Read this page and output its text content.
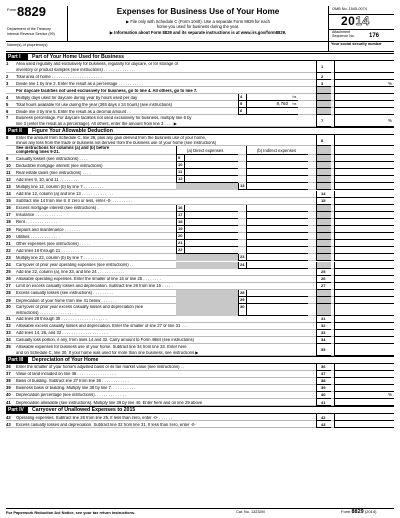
Form 8829
Department of the Treasury
Internal Revenue Service (99)
Expenses for Business Use of Your Home
▶ File only with Schedule C (Form 1040). Use a separate Form 8829 for each
home you used for business during the year.
▶ Information about Form 8829 and its separate instructions is at www.irs.gov/form8829.
OMB No. 1545-0074
2014
Attachment
Sequence No. 176
Name(s) of proprietor(s)	Your social security number
Part I	Part of Your Home Used for Business
1	Area used regularly and exclusively for business, regularly for daycare, or for storage of
inventory or product samples (see instructions) . . . . . . . . . . . . . .
1
2	Total area of home . . . . . . . . . . . . . . . . . . . . . .	2
3	Divide line 1 by line 2. Enter the result as a percentage . . . . . . . . . . .	3	%
For daycare facilities not used exclusively for business, go to line 4. All others, go to line 7.
4	Multiply days used for daycare during year by hours used per day	4	hr.
5	Total hours available for use during the year (365 days x 24 hours) (see instructions)	5	8,760 hr.
6	Divide line 4 by line 5. Enter the result as a decimal amount . .	6	.
7	Business percentage. For daycare facilities not used exclusively for business, multiply line 6 by
line 3 (enter the result as a percentage). All others, enter the amount from line 3 . . . . ▶
7	%
Part II	Figure Your Allowable Deduction
8	Enter the amount from Schedule C, line 29, plus any gain derived from the business use of your home,
minus any loss from the trade or business not derived from the business use of your home (see instructions)	8
See instructions for columns (a) and (b) before
completing lines 9-21.	(a) Direct expenses	(b) Indirect expenses
9	Casualty losses (see instructions) . . . .	9
10	Deductible mortgage interest (see instructions)	10
11	Real estate taxes (see instructions) . . . .	11
12	Add lines 9, 10, and 11 . . . . . . . .	12
13	Multiply line 12, column (b) by line 7 . . . . . . . . .	13
14	Add line 12, column (a) and line 13 . . . . . . . . . . . . . .	14
15	Subtract line 14 from line 8. If zero or less, enter -0- . . . . . . . . .	15
16	Excess mortgage interest (see instructions) .	16
17	Insurance . . . . . . . . . . . .	17
18	Rent . . . . . . . . . . . . . .	18
19	Repairs and maintenance . . . . . . .	19
20	Utilities . . . . . . . . . . . . .	20
21	Other expenses (see instructions) . . . . .	21
22	Add lines 16 through 21 . . . . . . . .	22
23	Multiply line 22, column (b) by line 7 . . . . . . . . .	23
24	Carryover of prior year operating expenses (see instructions) . .	24
25	Add line 22, column (a), line 23, and line 24 . . . . . . . . . . . .	25
26	Allowable operating expenses. Enter the smaller of line 15 or line 25 . . . . . . . .	26
27	Limit on excess casualty losses and depreciation. Subtract line 26 from line 15 . . . . .	27
28	Excess casualty losses (see instructions) . . . . . . . . .	28
29	Depreciation of your home from line 41 below . . . . . . .	29
30	Carryover of prior year excess casualty losses and depreciation (see
instructions) . . . . . . . . . . . . . . . .
30
31	Add lines 28 through 30 . . . . . . . . . . . . . . . . . . . .	31
32	Allowable excess casualty losses and depreciation. Enter the smaller of line 27 or line 31 . . .	32
33	Add lines 14, 26, and 32 . . . . . . . . . . . . . . . . . . . .	33
34	Casualty loss portion, if any, from lines 14 and 32. Carry amount to Form 4684 (see instructions)	34
35	Allowable expenses for business use of your home. Subtract line 34 from line 33. Enter here
and on Schedule C, line 30. If your home was used for more than one business, see instructions ▶
35
Part III	Depreciation of Your Home
36	Enter the smaller of your home's adjusted basis or its fair market value (see instructions) . .	36
37	Value of land included on line 36 . . . . . . . . . . . . . . . . .	37
38	Basis of building. Subtract line 37 from line 36 . . . . . . . . . . . .	38
39	Business basis of building. Multiply line 38 by line 7. . . . . . . . . . .	39
40	Depreciation percentage (see instructions). . . . . . . . . . . . . .	40	%
41	Depreciation allowable (see instructions). Multiply line 39 by line 40. Enter here and on line 29 above	41
Part IV	Carryover of Unallowed Expenses to 2015
42	Operating expenses. Subtract line 26 from line 25. If less than zero, enter -0- . . . . . .	42
43	Excess casualty losses and depreciation. Subtract line 32 from line 31. If less than zero, enter -0-	43
For Paperwork Reduction Act Notice, see your tax return instructions.	Cat. No. 13232M	Form 8829 (2014)
